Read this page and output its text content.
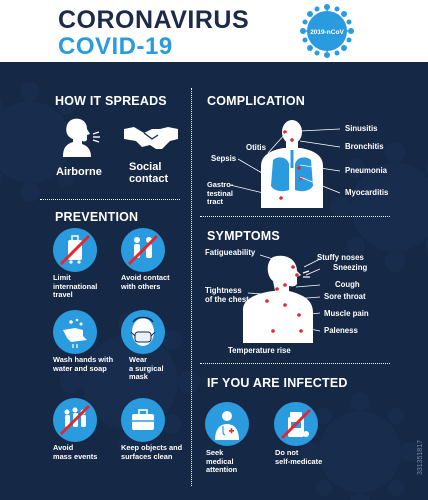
CORONAVIRUS
COVID-19
2019-nCoV
HOW IT SPREADS
Airborne Social
contact
PREVENTION
Limit
international
travel
Avoid contact
with others
Wash hands with
water and soap
Wear
a surgical
mask
Avoid
mass events
Keep objects and
surfaces clean
COMPLICATION
Otitis
Sepsis
Gastro-
testinal
tract
Sinusitis
Bronchitis
Pneumonia
Myocarditis
SYMPTOMS
Fatigueability
Tightness
of the chest
Temperature rise
Stuffy noses
Sneezing
Cough
Sore throat
Muscle pain
Paleness
IF YOU ARE INFECTED
Seek
medical
attention
Do not
self-medicate	331351817
